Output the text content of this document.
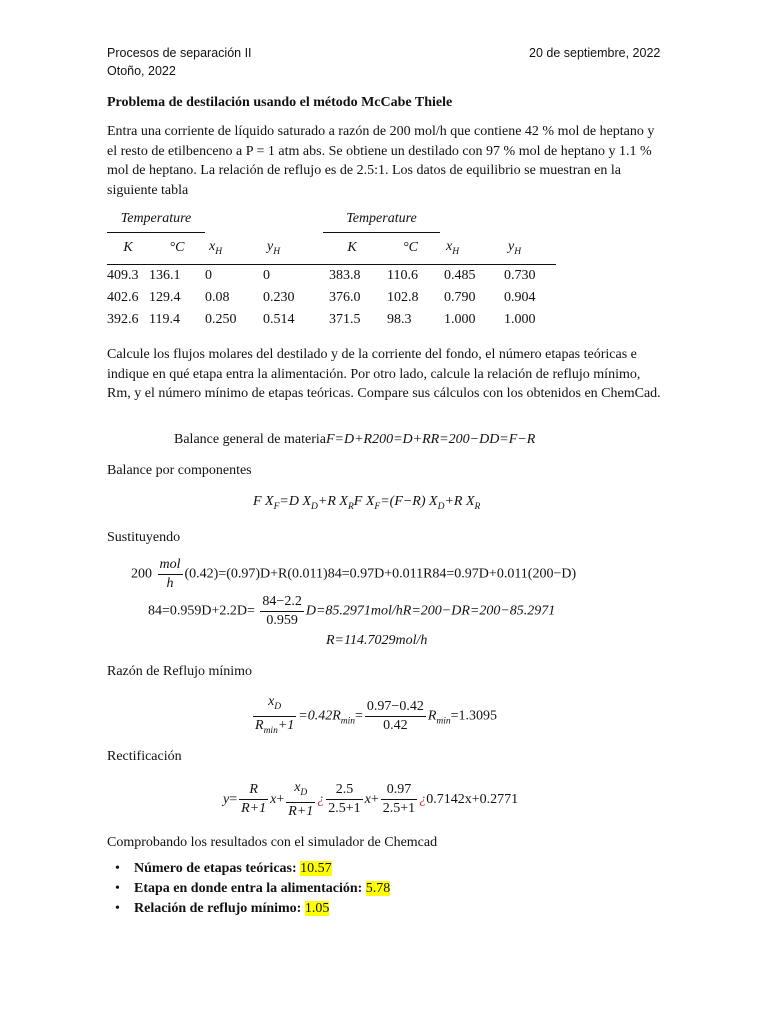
Procesos de separación II
Otoño, 2022
20 de septiembre, 2022
Problema de destilación usando el método McCabe Thiele
Entra una corriente de líquido saturado a razón de 200 mol/h que contiene 42 % mol de heptano y el resto de etilbenceno a P = 1 atm abs. Se obtiene un destilado con 97 % mol de heptano y 1.1 % mol de heptano. La relación de reflujo es de 2.5:1. Los datos de equilibrio se muestran en la siguiente tabla
Temperature				Temperature			
K	°C	$x_H$	$y_H$	K	°C	$x_H$	$y_H$
409.3	136.1	0	0	383.8	110.6	0.485	0.730
402.6	129.4	0.08	0.230	376.0	102.8	0.790	0.904
392.6	119.4	0.250	0.514	371.5	98.3	1.000	1.000
Calcule los flujos molares del destilado y de la corriente del fondo, el número etapas teóricas e indique en qué etapa entra la alimentación. Por otro lado, calcule la relación de reflujo mínimo, Rm, y el número mínimo de etapas teóricas. Compare sus cálculos con los obtenidos en ChemCad.
Balance general de materiaF=D+R200=D+RR=200−DD=F−R
Balance por componentes
F $X_F=D$ $X_D+R$ $X_RF$ $X_F=(F-R)$ $X_D+R$ $X_R$
Sustituyendo
$200 \frac{\text{mol}}{h} (0.42)=(0.97)D+R(0.011)84=0.97D+0.011R84=0.97D+0.011(200-D)$
$84=0.959D+2.2D= \frac{84-2.2}{0.959} D=85.2971mol/hR=200-DR=200-85.2971$
R=114.7029mol/h
Razón de Reflujo mínimo
$\frac{x_D}{R_{min}+1} =0.42R_{min}= \frac{0.97-0.42}{0.42} R_{min}=1.3095$
Rectificación
$y= \frac{R}{R+1} x+ \frac{x_D}{R+1}$ ¿ $\frac{2.5}{2.5+1} x+ \frac{0.97}{2.5+1}$ ¿0.7142x+0.2771
Comprobando los resultados con el simulador de Chemcad
• Número de etapas teóricas: 10.57
• Etapa en donde entra la alimentación: 5.78
• Relación de reflujo mínimo: 1.05
